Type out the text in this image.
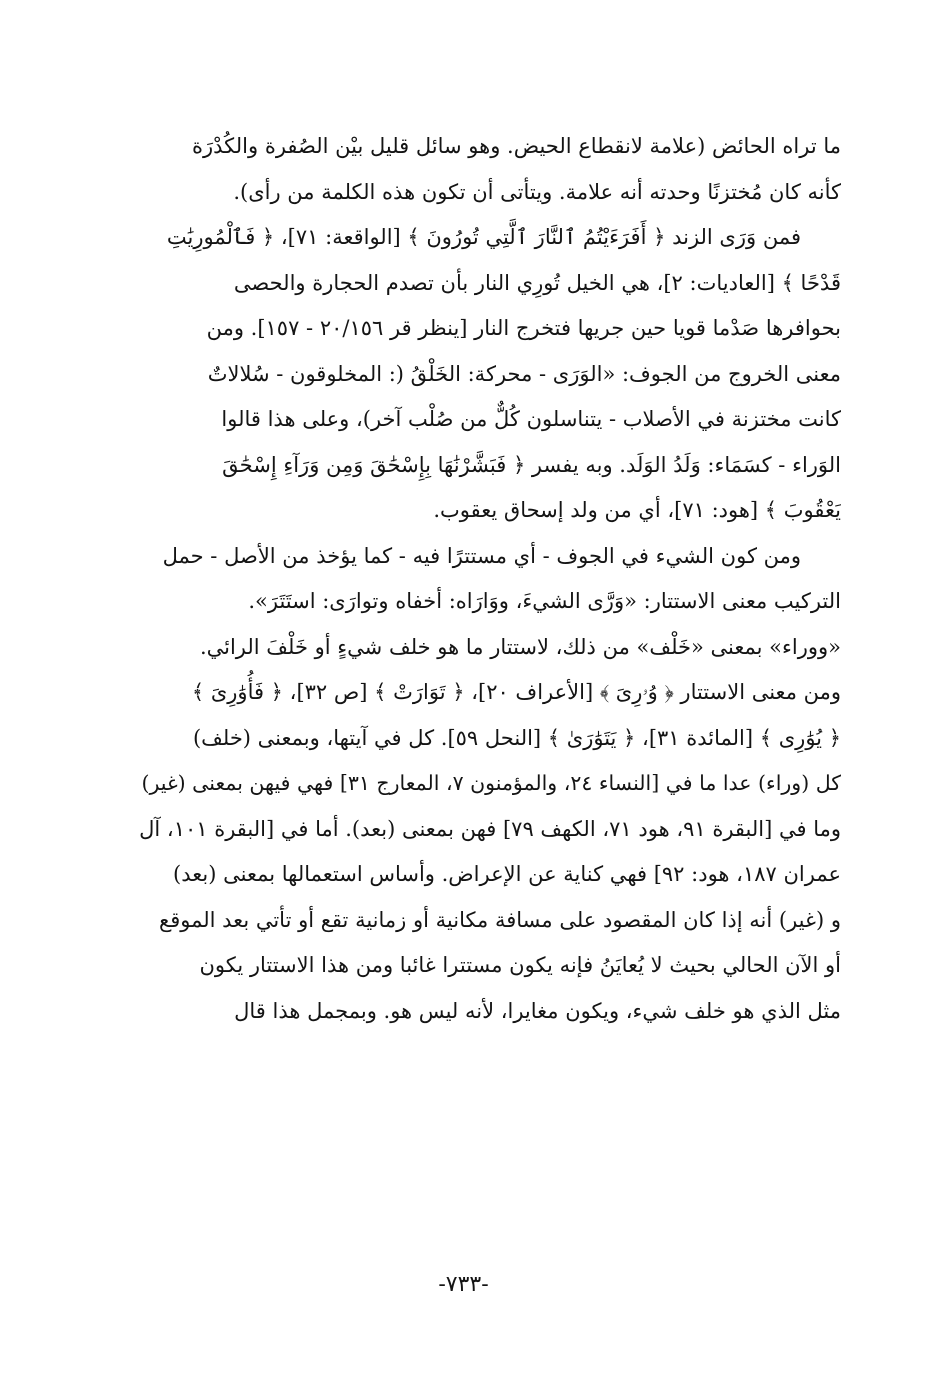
ما تراه الحائض (علامة لانقطاع الحيض. وهو سائل قليل بيْن الصُفرة والكُدْرَة
كأنه كان مُختزنًا وحدته أنه علامة. ويتأتى أن تكون هذه الكلمة من رأى).
فمن وَرَى الزند ﴿ أَفَرَءَيْتُمُ ٱلنَّارَ ٱلَّتِي تُورُونَ ﴾ [الواقعة: ٧١]، ﴿ فَٱلْمُورِيَٰتِ
قَدْحًا ﴾ [العاديات: ٢]، هي الخيل تُورِي النار بأن تصدم الحجارة والحصى
بحوافرها صَدْما قويا حين جريها فتخرج النار [ينظر قر ٢٠/١٥٦ - ١٥٧]. ومن
معنى الخروج من الجوف: «الوَرَى - محركة: الخَلْقُ (: المخلوقون - سُلالاتٌ
كانت مختزنة في الأصلاب - يتناسلون كُلٌّ من صُلْب آخر)، وعلى هذا قالوا
الوَراء - كسَمَاء: وَلَدُ الوَلَد. وبه يفسر ﴿ فَبَشَّرْنَٰهَا بِإِسْحَٰقَ وَمِن وَرَآءِ إِسْحَٰقَ
يَعْقُوبَ ﴾ [هود: ٧١]، أي من ولد إسحاق يعقوب.
ومن كون الشيء في الجوف - أي مستترًا فيه - كما يؤخذ من الأصل - حمل
التركيب معنى الاستتار: «وَرَّى الشيءَ، ووَارَاه: أخفاه وتوارَى: استَتَرَ».
«ووراء» بمعنى «خَلْف» من ذلك، لاستتار ما هو خلف شيءٍ أو خَلْفَ الرائي.
ومن معنى الاستتار ﴿ وُۥرِىَ ﴾ [الأعراف ٢٠]، ﴿ تَوَارَتْ ﴾ [ص ٣٢]، ﴿ فَأُوَٰرِىَ ﴾
﴿ يُوَٰرِى ﴾ [المائدة ٣١]، ﴿ يَتَوَٰرَىٰ ﴾ [النحل ٥٩]. كل في آيتها، وبمعنى (خلف)
كل (وراء) عدا ما في [النساء ٢٤، والمؤمنون ٧، المعارج ٣١] فهي فيهن بمعنى (غير)
وما في [البقرة ٩١، هود ٧١، الكهف ٧٩] فهن بمعنى (بعد). أما في [البقرة ١٠١، آل
عمران ١٨٧، هود: ٩٢] فهي كناية عن الإعراض. وأساس استعمالها بمعنى (بعد)
و (غير) أنه إذا كان المقصود على مسافة مكانية أو زمانية تقع أو تأتي بعد الموقع
أو الآن الحالي بحيث لا يُعايَنُ فإنه يكون مستترا غائبا ومن هذا الاستتار يكون
مثل الذي هو خلف شيء، ويكون مغايرا، لأنه ليس هو. وبمجمل هذا قال
-٧٣٣-
